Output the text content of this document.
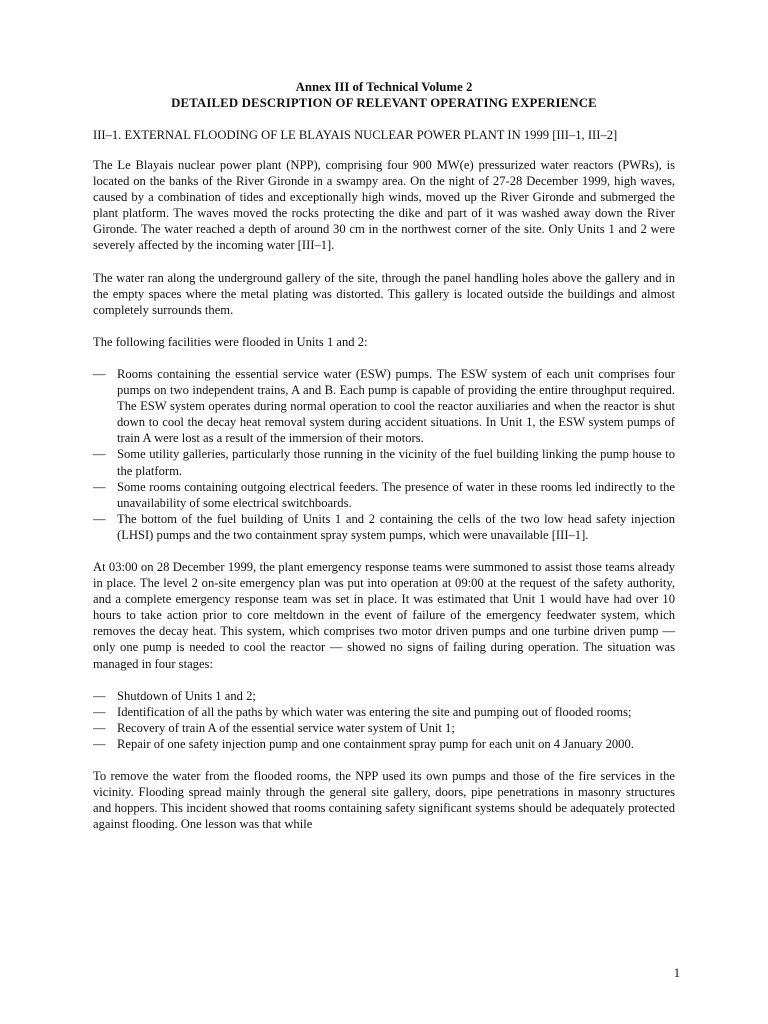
Annex III of Technical Volume 2

DETAILED DESCRIPTION OF RELEVANT OPERATING EXPERIENCE

III–1. EXTERNAL FLOODING OF LE BLAYAIS NUCLEAR POWER PLANT IN 1999 [III–1, III–2]

The Le Blayais nuclear power plant (NPP), comprising four 900 MW(e) pressurized water reactors (PWRs), is located on the banks of the River Gironde in a swampy area. On the night of 27-28 December 1999, high waves, caused by a combination of tides and exceptionally high winds, moved up the River Gironde and submerged the plant platform. The waves moved the rocks protecting the dike and part of it was washed away down the River Gironde. The water reached a depth of around 30 cm in the northwest corner of the site. Only Units 1 and 2 were severely affected by the incoming water [III–1].

The water ran along the underground gallery of the site, through the panel handling holes above the gallery and in the empty spaces where the metal plating was distorted. This gallery is located outside the buildings and almost completely surrounds them.

The following facilities were flooded in Units 1 and 2:

— Rooms containing the essential service water (ESW) pumps. The ESW system of each unit comprises four pumps on two independent trains, A and B. Each pump is capable of providing the entire throughput required. The ESW system operates during normal operation to cool the reactor auxiliaries and when the reactor is shut down to cool the decay heat removal system during accident situations. In Unit 1, the ESW system pumps of train A were lost as a result of the immersion of their motors.
— Some utility galleries, particularly those running in the vicinity of the fuel building linking the pump house to the platform.
— Some rooms containing outgoing electrical feeders. The presence of water in these rooms led indirectly to the unavailability of some electrical switchboards.
— The bottom of the fuel building of Units 1 and 2 containing the cells of the two low head safety injection (LHSI) pumps and the two containment spray system pumps, which were unavailable [III–1].

At 03:00 on 28 December 1999, the plant emergency response teams were summoned to assist those teams already in place. The level 2 on-site emergency plan was put into operation at 09:00 at the request of the safety authority, and a complete emergency response team was set in place. It was estimated that Unit 1 would have had over 10 hours to take action prior to core meltdown in the event of failure of the emergency feedwater system, which removes the decay heat. This system, which comprises two motor driven pumps and one turbine driven pump — only one pump is needed to cool the reactor — showed no signs of failing during operation. The situation was managed in four stages:

— Shutdown of Units 1 and 2;
— Identification of all the paths by which water was entering the site and pumping out of flooded rooms;
— Recovery of train A of the essential service water system of Unit 1;
— Repair of one safety injection pump and one containment spray pump for each unit on 4 January 2000.

To remove the water from the flooded rooms, the NPP used its own pumps and those of the fire services in the vicinity. Flooding spread mainly through the general site gallery, doors, pipe penetrations in masonry structures and hoppers. This incident showed that rooms containing safety significant systems should be adequately protected against flooding. One lesson was that while

1
